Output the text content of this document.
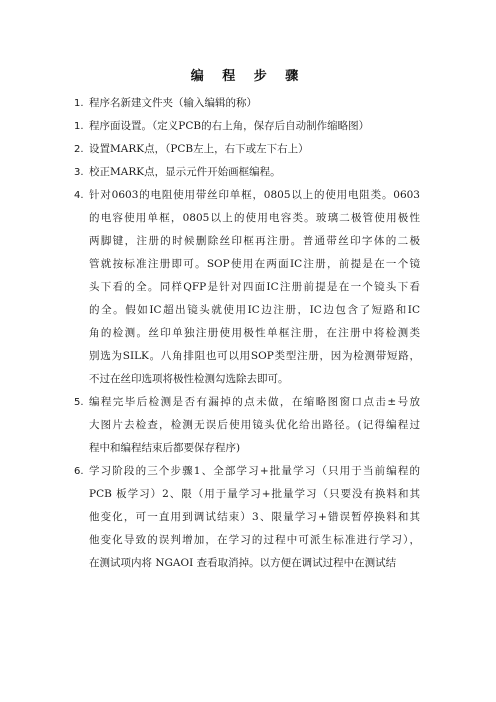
编 程 步 骤
1. 程序名新建文件夹（输入编辑的称）
1. 程序面设置。（定义PCB的右上角，保存后自动制作缩略图）
2. 设置MARK点，（PCB左上，右下或左下右上）
3. 校正MARK点，显示元件开始画框编程。
4. 针对0603的电阻使用带丝印单框，0805以上的使用电阻类。0603
的电容使用单框，0805以上的使用电容类。玻璃二极管使用极性
两脚键，注册的时候删除丝印框再注册。普通带丝印字体的二极
管就按标准注册即可。SOP使用在两面IC注册，前提是在一个镜
头下看的全。同样QFP是针对四面IC注册前提是在一个镜头下看
的全。假如IC超出镜头就使用IC边注册，IC边包含了短路和IC
角的检测。丝印单独注册使用极性单框注册，在注册中将检测类
别选为SILK。八角排阻也可以用SOP类型注册，因为检测带短路，
不过在丝印选项将极性检测勾选除去即可。
5. 编程完毕后检测是否有漏掉的点未做，在缩略图窗口点击±号放
大图片去检查，检测无误后使用镜头优化给出路径。(记得编程过
程中和编程结束后都要保存程序)
6. 学习阶段的三个步骤1、全部学习+批量学习（只用于当前编程的
PCB 板学习）2、限（用于量学习+批量学习（只要没有换料和其
他变化，可一直用到调试结束）3、限量学习+错误暂停换料和其
他变化导致的误判增加，在学习的过程中可派生标准进行学习），
在测试项内将 NGAOI 查看取消掉。以方便在调试过程中在测试结
